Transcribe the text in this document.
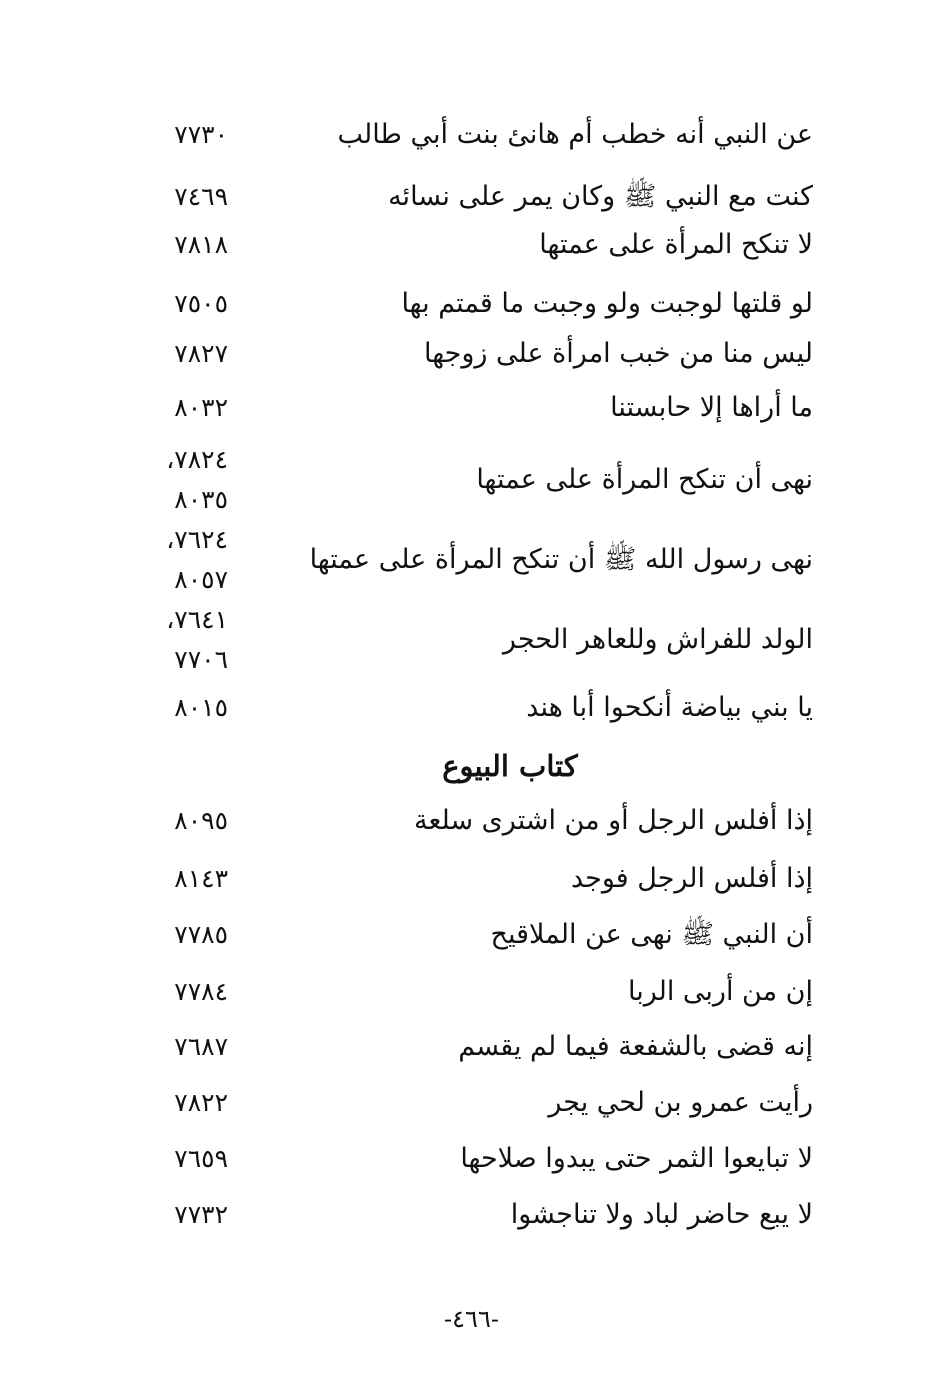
عن النبي أنه خطب أم هانئ بنت أبي طالب
٧٧٣٠
كنت مع النبي ﷺ وكان يمر على نسائه
٧٤٦٩
لا تنكح المرأة على عمتها
٧٨١٨
لو قلتها لوجبت ولو وجبت ما قمتم بها
٧٥٠٥
ليس منا من خبب امرأة على زوجها
٧٨٢٧
ما أراها إلا حابستنا
٨٠٣٢
نهى أن تنكح المرأة على عمتها
٧٨٢٤،
٨٠٣٥
نهى رسول الله ﷺ أن تنكح المرأة على عمتها
٧٦٢٤،
٨٠٥٧
الولد للفراش وللعاهر الحجر
٧٦٤١،
٧٧٠٦
يا بني بياضة أنكحوا أبا هند
٨٠١٥
كتاب البيوع
إذا أفلس الرجل أو من اشترى سلعة
٨٠٩٥
إذا أفلس الرجل فوجد
٨١٤٣
أن النبي ﷺ نهى عن الملاقيح
٧٧٨٥
إن من أربى الربا
٧٧٨٤
إنه قضى بالشفعة فيما لم يقسم
٧٦٨٧
رأيت عمرو بن لحي يجر
٧٨٢٢
لا تبايعوا الثمر حتى يبدوا صلاحها
٧٦٥٩
لا يبع حاضر لباد ولا تناجشوا
٧٧٣٢
-٤٦٦-
